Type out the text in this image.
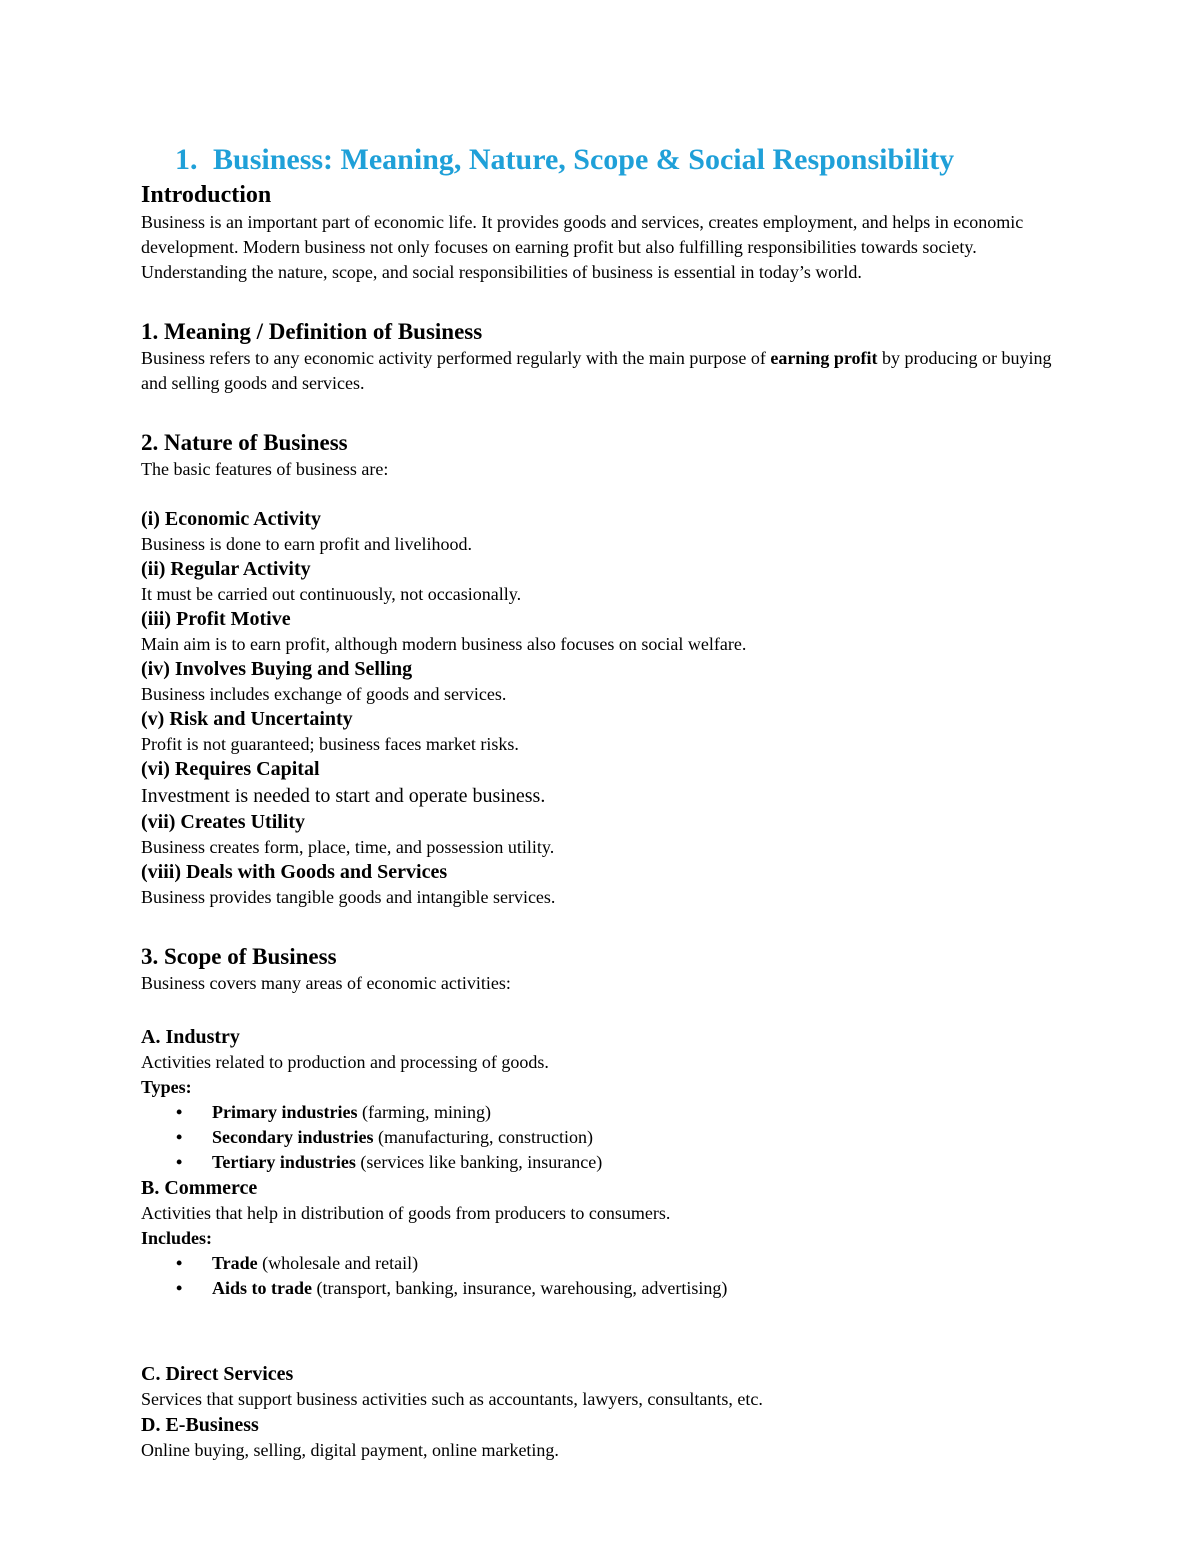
1. Business: Meaning, Nature, Scope & Social Responsibility
Introduction

Business is an important part of economic life. It provides goods and services, creates employment, and helps in economic development. Modern business not only focuses on earning profit but also fulfilling responsibilities towards society. Understanding the nature, scope, and social responsibilities of business is essential in today’s world.

1. Meaning / Definition of Business

Business refers to any economic activity performed regularly with the main purpose of earning profit by producing or buying and selling goods and services.

2. Nature of Business

The basic features of business are:

(i) Economic Activity

Business is done to earn profit and livelihood.

(ii) Regular Activity

It must be carried out continuously, not occasionally.

(iii) Profit Motive

Main aim is to earn profit, although modern business also focuses on social welfare.

(iv) Involves Buying and Selling

Business includes exchange of goods and services.

(v) Risk and Uncertainty

Profit is not guaranteed; business faces market risks.

(vi) Requires Capital

Investment is needed to start and operate business.

(vii) Creates Utility

Business creates form, place, time, and possession utility.

(viii) Deals with Goods and Services

Business provides tangible goods and intangible services.

3. Scope of Business

Business covers many areas of economic activities:

A. Industry

Activities related to production and processing of goods.

Types:

• Primary industries (farming, mining)
• Secondary industries (manufacturing, construction)
• Tertiary industries (services like banking, insurance)
B. Commerce

Activities that help in distribution of goods from producers to consumers.

Includes:

• Trade (wholesale and retail)
• Aids to trade (transport, banking, insurance, warehousing, advertising)
C. Direct Services

Services that support business activities such as accountants, lawyers, consultants, etc.

D. E-Business

Online buying, selling, digital payment, online marketing.
